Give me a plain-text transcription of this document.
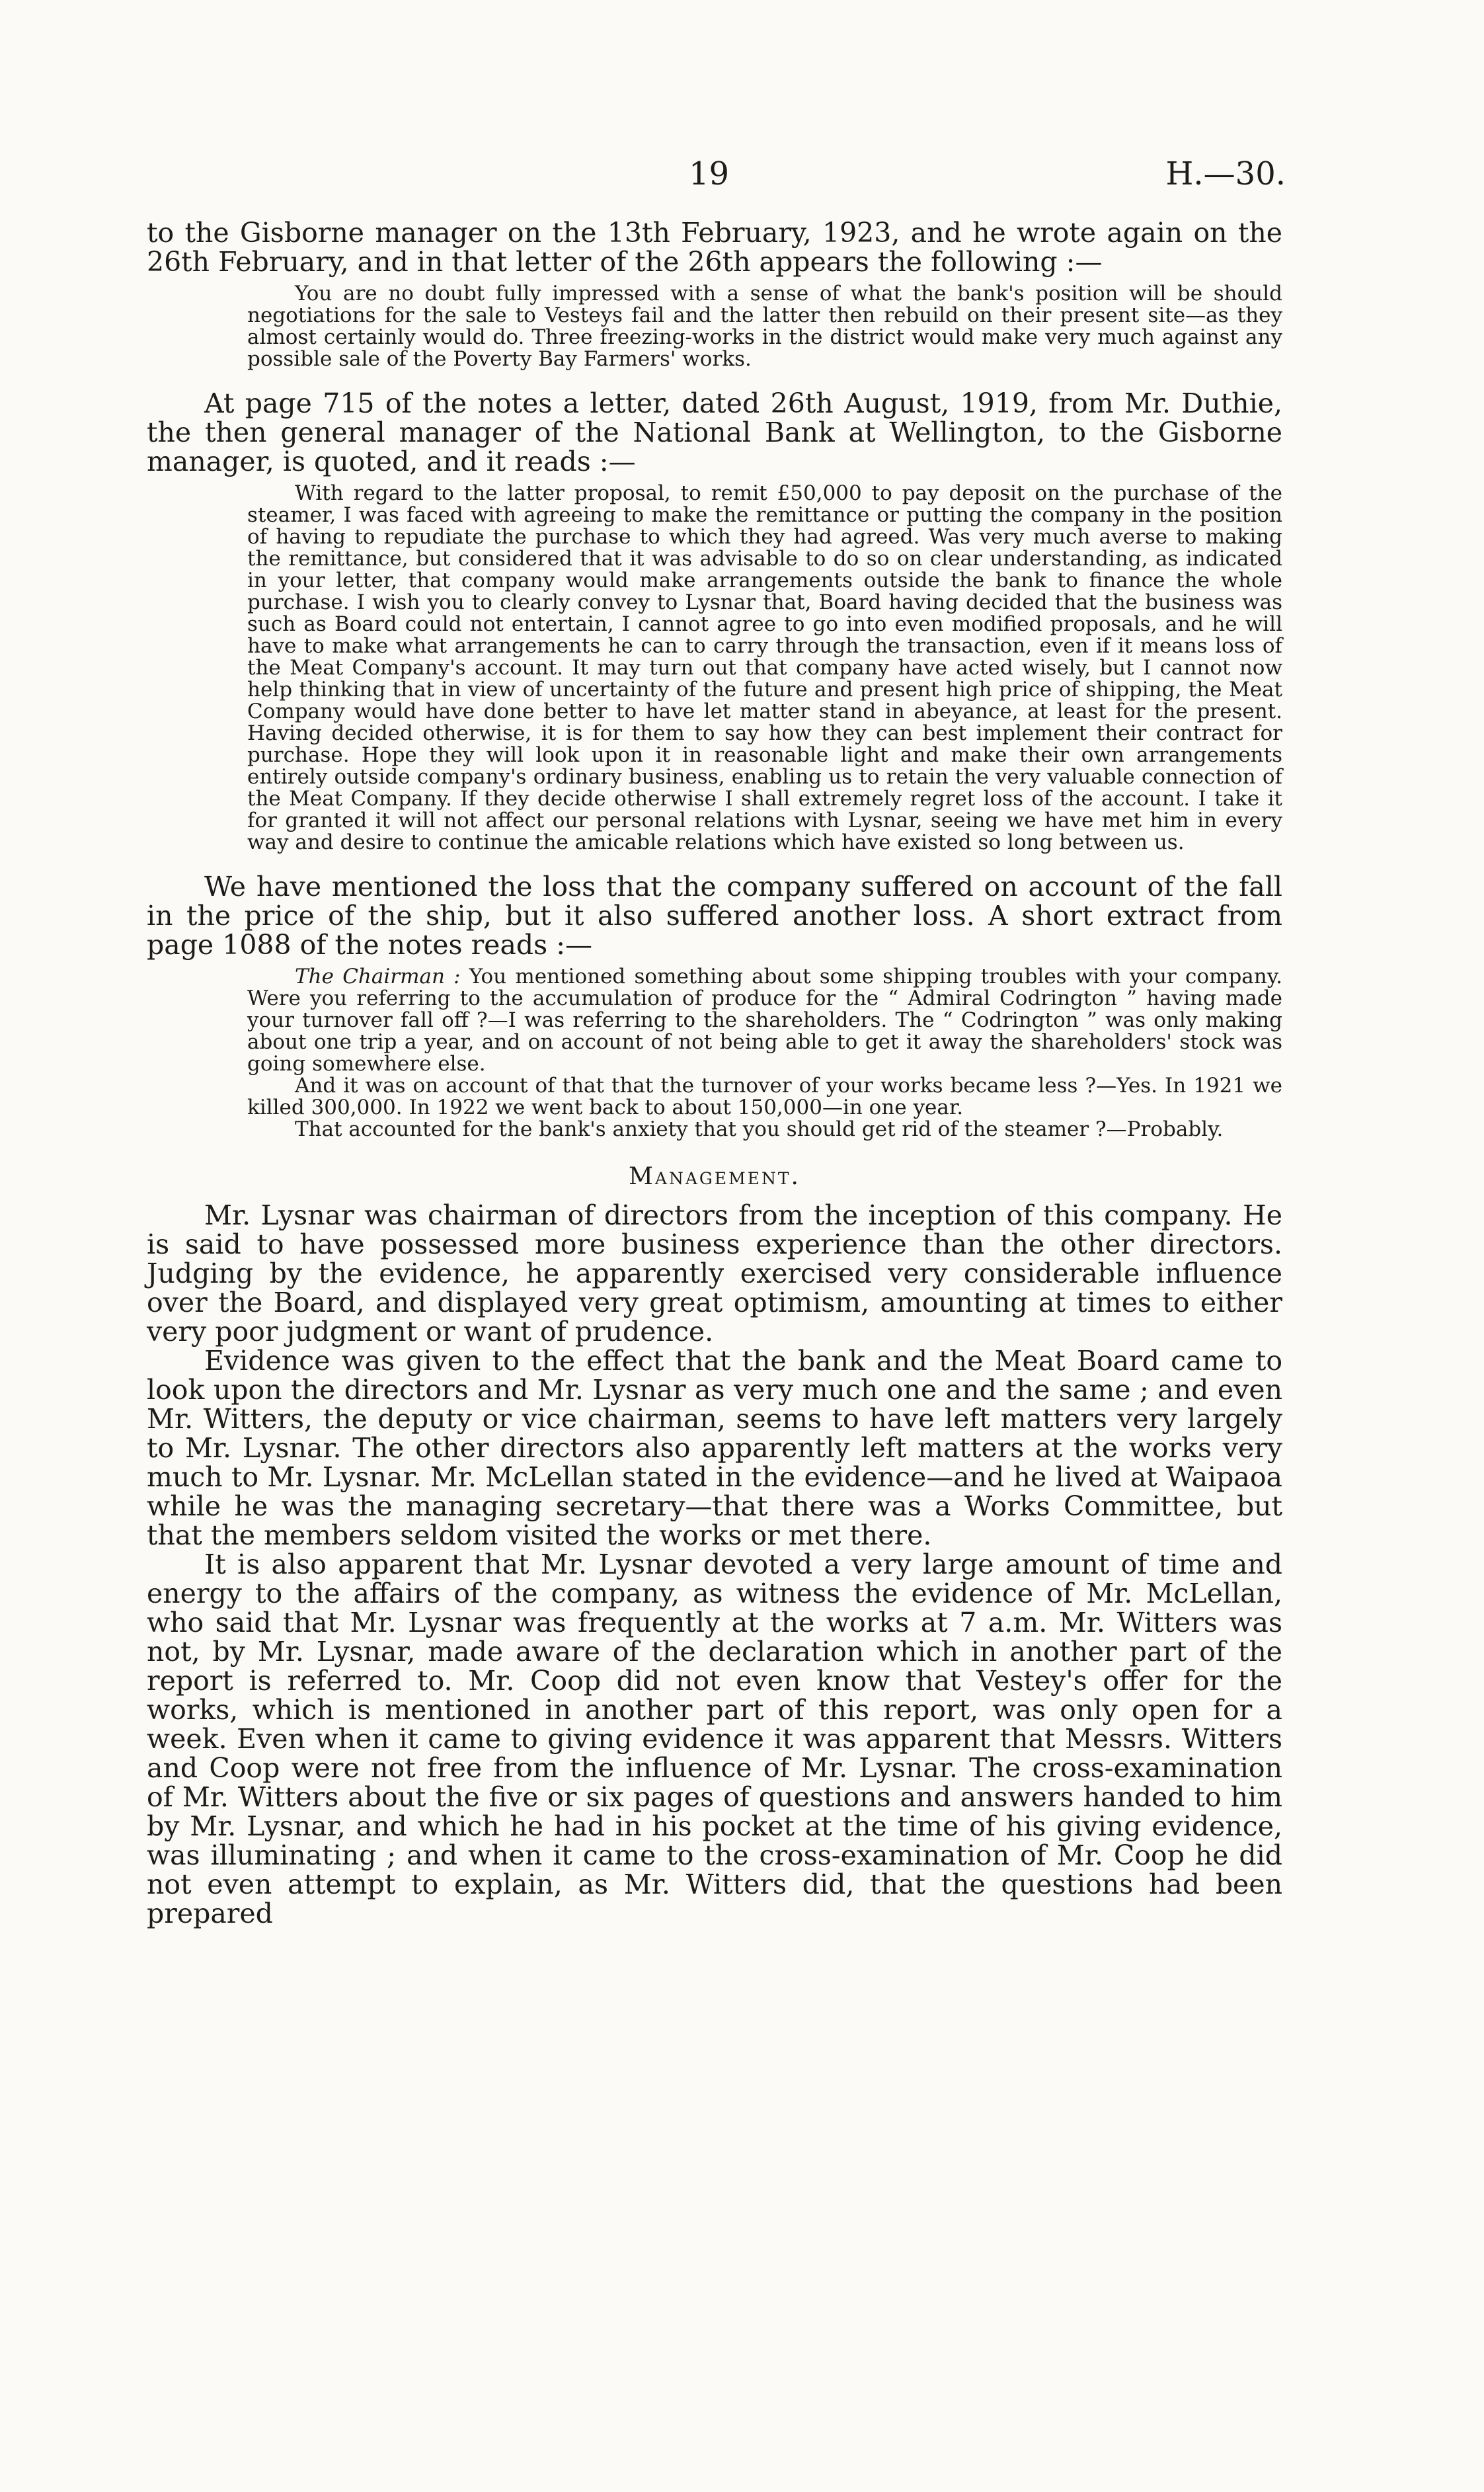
19	H.—30.

to the Gisborne manager on the 13th February, 1923, and he wrote again on the 26th February, and in that letter of the 26th appears the following :—

You are no doubt fully impressed with a sense of what the bank's position will be should negotiations for the sale to Vesteys fail and the latter then rebuild on their present site—as they almost certainly would do. Three freezing-works in the district would make very much against any possible sale of the Poverty Bay Farmers' works.

At page 715 of the notes a letter, dated 26th August, 1919, from Mr. Duthie, the then general manager of the National Bank at Wellington, to the Gisborne manager, is quoted, and it reads :—

With regard to the latter proposal, to remit £50,000 to pay deposit on the purchase of the steamer, I was faced with agreeing to make the remittance or putting the company in the position of having to repudiate the purchase to which they had agreed. Was very much averse to making the remittance, but considered that it was advisable to do so on clear understanding, as indicated in your letter, that company would make arrangements outside the bank to finance the whole purchase. I wish you to clearly convey to Lysnar that, Board having decided that the business was such as Board could not entertain, I cannot agree to go into even modified proposals, and he will have to make what arrangements he can to carry through the transaction, even if it means loss of the Meat Company's account. It may turn out that company have acted wisely, but I cannot now help thinking that in view of uncertainty of the future and present high price of shipping, the Meat Company would have done better to have let matter stand in abeyance, at least for the present. Having decided otherwise, it is for them to say how they can best implement their contract for purchase. Hope they will look upon it in reasonable light and make their own arrangements entirely outside company's ordinary business, enabling us to retain the very valuable connection of the Meat Company. If they decide otherwise I shall extremely regret loss of the account. I take it for granted it will not affect our personal relations with Lysnar, seeing we have met him in every way and desire to continue the amicable relations which have existed so long between us.

We have mentioned the loss that the company suffered on account of the fall in the price of the ship, but it also suffered another loss. A short extract from page 1088 of the notes reads :—

The Chairman : You mentioned something about some shipping troubles with your company. Were you referring to the accumulation of produce for the “ Admiral Codrington ” having made your turnover fall off ?—I was referring to the shareholders. The “ Codrington ” was only making about one trip a year, and on account of not being able to get it away the shareholders' stock was going somewhere else.

And it was on account of that that the turnover of your works became less ?—Yes. In 1921 we killed 300,000. In 1922 we went back to about 150,000—in one year.

That accounted for the bank's anxiety that you should get rid of the steamer ?—Probably.

Management.

Mr. Lysnar was chairman of directors from the inception of this company. He is said to have possessed more business experience than the other directors. Judging by the evidence, he apparently exercised very considerable influence over the Board, and displayed very great optimism, amounting at times to either very poor judgment or want of prudence.

Evidence was given to the effect that the bank and the Meat Board came to look upon the directors and Mr. Lysnar as very much one and the same ; and even Mr. Witters, the deputy or vice chairman, seems to have left matters very largely to Mr. Lysnar. The other directors also apparently left matters at the works very much to Mr. Lysnar. Mr. McLellan stated in the evidence—and he lived at Waipaoa while he was the managing secretary—that there was a Works Committee, but that the members seldom visited the works or met there.

It is also apparent that Mr. Lysnar devoted a very large amount of time and energy to the affairs of the company, as witness the evidence of Mr. McLellan, who said that Mr. Lysnar was frequently at the works at 7 a.m. Mr. Witters was not, by Mr. Lysnar, made aware of the declaration which in another part of the report is referred to. Mr. Coop did not even know that Vestey's offer for the works, which is mentioned in another part of this report, was only open for a week. Even when it came to giving evidence it was apparent that Messrs. Witters and Coop were not free from the influence of Mr. Lysnar. The cross-examination of Mr. Witters about the five or six pages of questions and answers handed to him by Mr. Lysnar, and which he had in his pocket at the time of his giving evidence, was illuminating ; and when it came to the cross-examination of Mr. Coop he did not even attempt to explain, as Mr. Witters did, that the questions had been prepared
